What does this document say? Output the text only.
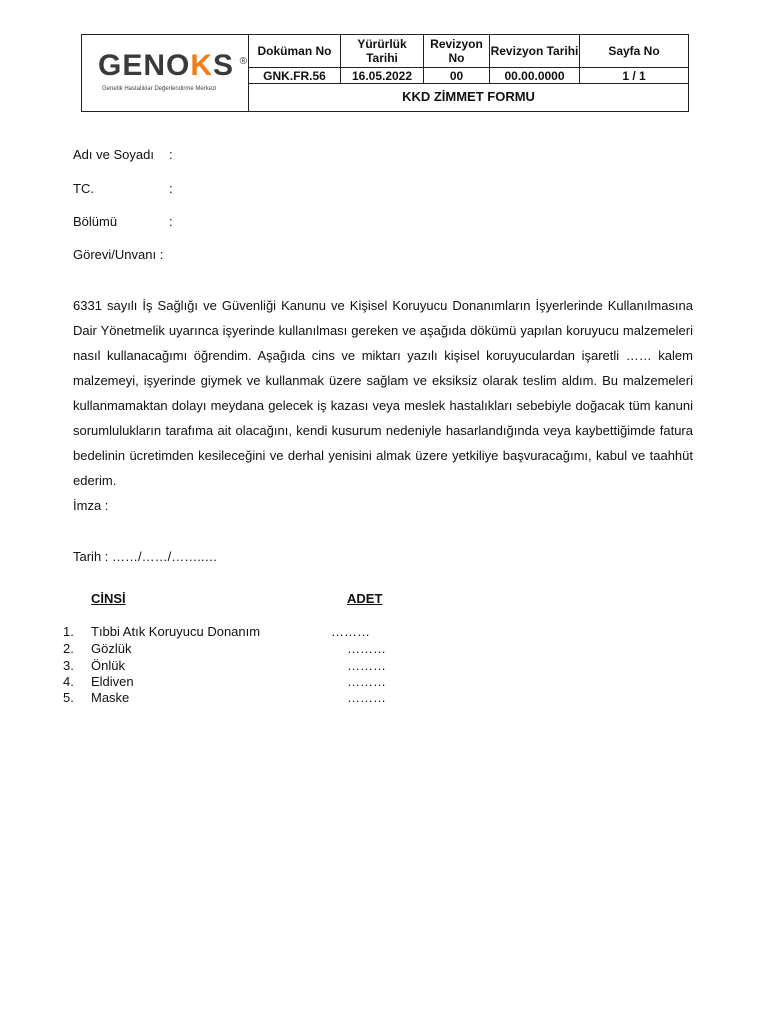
GENOKS ®
Genetik Hastalıklar Değerlendirme Merkezi	Doküman No	Yürürlük Tarihi	Revizyon No	Revizyon Tarihi	Sayfa No
	GNK.FR.56	16.05.2022	00	00.00.0000	1 / 1
	KKD ZİMMET FORMU				
Adı ve Soyadı :
TC.	:
Bölümü	:
Görevi/Unvanı :
6331 sayılı İş Sağlığı ve Güvenliği Kanunu ve Kişisel Koruyucu Donanımların İşyerlerinde Kullanılmasına Dair Yönetmelik uyarınca işyerinde kullanılması gereken ve aşağıda dökümü yapılan koruyucu malzemeleri nasıl kullanacağımı öğrendim. Aşağıda cins ve miktarı yazılı kişisel koruyuculardan işaretli …… kalem malzemeyi, işyerinde giymek ve kullanmak üzere sağlam ve eksiksiz olarak teslim aldım. Bu malzemeleri kullanmamaktan dolayı meydana gelecek iş kazası veya meslek hastalıkları sebebiyle doğacak tüm kanuni sorumlulukların tarafıma ait olacağını, kendi kusurum nedeniyle hasarlandığında veya kaybettiğimde fatura bedelinin ücretimden kesileceğini ve derhal yenisini almak üzere yetkiliye başvuracağımı, kabul ve taahhüt ederim.
İmza :
Tarih : ……/……/……..…
CİNSİ	ADET
1. Tıbbi Atık Koruyucu Donanım	………
2. Gözlük	………
3. Önlük	………
4. Eldiven	………
5. Maske	………
